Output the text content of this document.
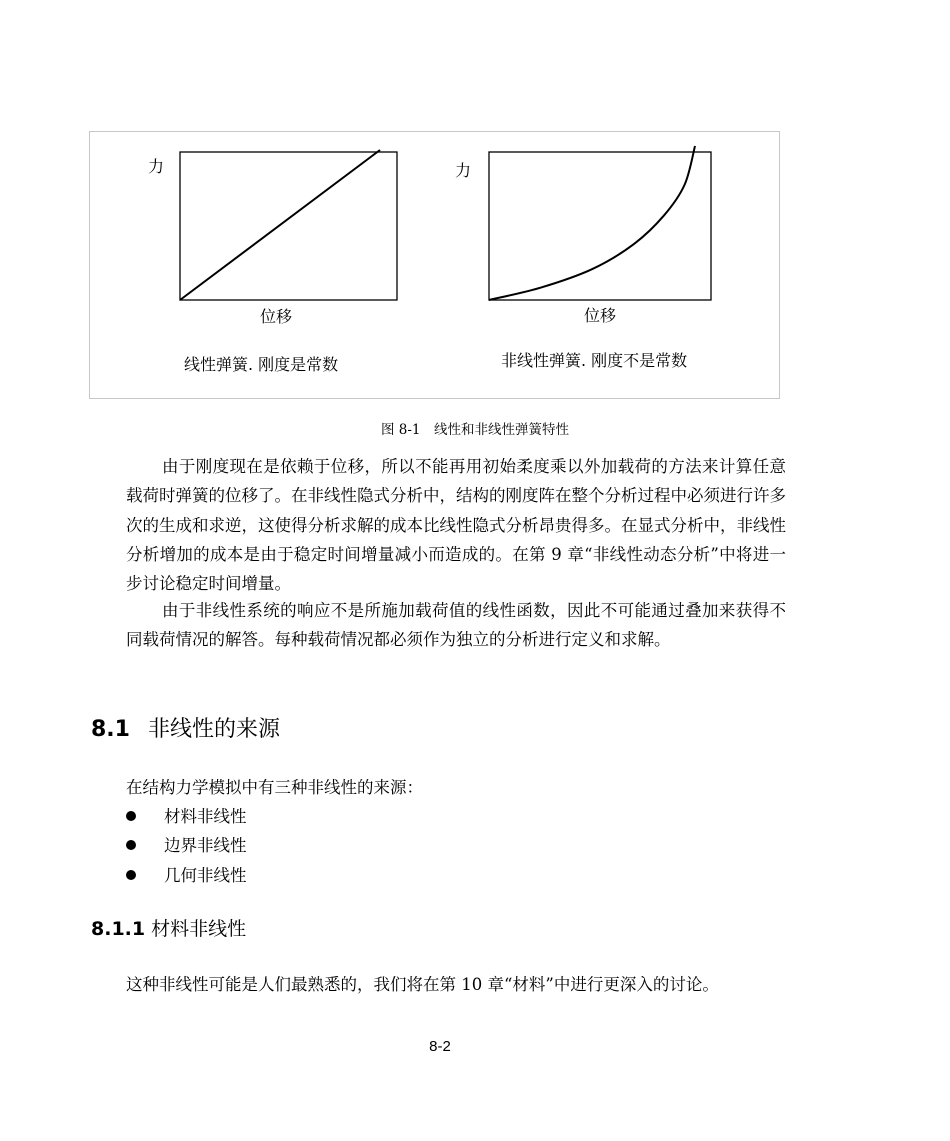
力
位移
线性弹簧. 刚度是常数
力
位移
非线性弹簧. 刚度不是常数
图 8-1　线性和非线性弹簧特性

由于刚度现在是依赖于位移，所以不能再用初始柔度乘以外加载荷的方法来计算任意载荷时弹簧的位移了。在非线性隐式分析中，结构的刚度阵在整个分析过程中必须进行许多次的生成和求逆，这使得分析求解的成本比线性隐式分析昂贵得多。在显式分析中，非线性分析增加的成本是由于稳定时间增量减小而造成的。在第 9 章“非线性动态分析”中将进一步讨论稳定时间增量。

由于非线性系统的响应不是所施加载荷值的线性函数，因此不可能通过叠加来获得不同载荷情况的解答。每种载荷情况都必须作为独立的分析进行定义和求解。

8.1 非线性的来源

在结构力学模拟中有三种非线性的来源：

材料非线性
边界非线性
几何非线性
8.1.1 材料非线性

这种非线性可能是人们最熟悉的，我们将在第 10 章“材料”中进行更深入的讨论。

8-2
